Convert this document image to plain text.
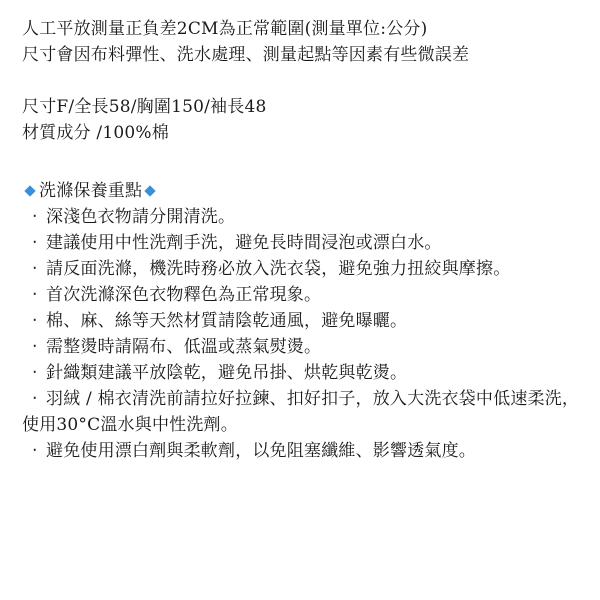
人工平放測量正負差2CM為正常範圍(測量單位:公分)
尺寸會因布料彈性、洗水處理、測量起點等因素有些微誤差
尺寸F/全長58/胸圍150/袖長48
材質成分 /100%棉
洗滌保養重點
‧ 深淺色衣物請分開清洗。
‧ 建議使用中性洗劑手洗，避免長時間浸泡或漂白水。
‧ 請反面洗滌，機洗時務必放入洗衣袋，避免強力扭絞與摩擦。
‧ 首次洗滌深色衣物釋色為正常現象。
‧ 棉、麻、絲等天然材質請陰乾通風，避免曝曬。
‧ 需整燙時請隔布、低溫或蒸氣熨燙。
‧ 針織類建議平放陰乾，避免吊掛、烘乾與乾燙。
‧ 羽絨 / 棉衣清洗前請拉好拉鍊、扣好扣子，放入大洗衣袋中低速柔洗，使用30°C溫水與中性洗劑。
‧ 避免使用漂白劑與柔軟劑，以免阻塞纖維、影響透氣度。
